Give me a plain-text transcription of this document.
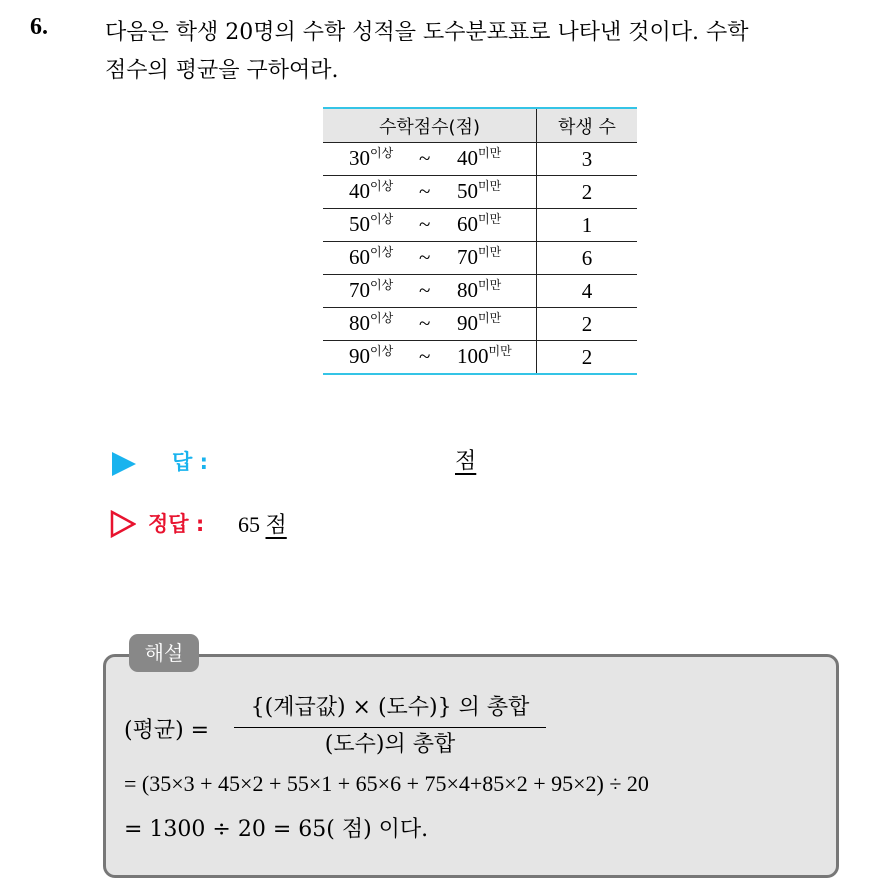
6.	다음은 학생 20명의 수학 성적을 도수분포표로 나타낸 것이다. 수학
점수의 평균을 구하여라.
수학점수(점)	학생 수

$30^{이상}$ ~ $40^{미만}$	3

$40^{이상}$ ~ $50^{미만}$	2

$50^{이상}$ ~ $60^{미만}$	1

$60^{이상}$ ~ $70^{미만}$	6

$70^{이상}$ ~ $80^{미만}$	4

$80^{이상}$ ~ $90^{미만}$	2

$90^{이상}$ ~ $100^{미만}$	2
답 :	점
정답 : 65 점
해설
(평균) =
{(계급값) × (도수)} 의 총합
(도수)의 총합
= (35×3 + 45×2 + 55×1 + 65×6 + 75×4+85×2 + 95×2) ÷ 20
= 1300 ÷ 20 = 65( 점) 이다.
